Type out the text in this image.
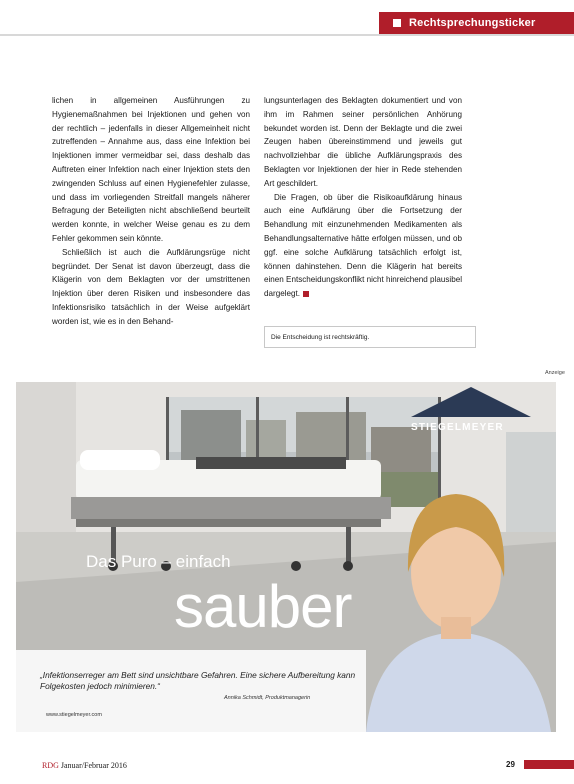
Rechtsprechungsticker

lichen in allgemeinen Ausführungen zu Hygienemaßnahmen bei Injektionen und gehen von der rechtlich – jedenfalls in dieser Allgemeinheit nicht zutreffenden – Annahme aus, dass eine Infektion bei Injektionen immer vermeidbar sei, dass deshalb das Auftreten einer Infektion nach einer Injektion stets den zwingenden Schluss auf einen Hygienefehler zulasse, und dass im vorliegenden Streitfall mangels näherer Befragung der Beteiligten nicht abschließend beurteilt werden konnte, in welcher Weise genau es zu dem Fehler gekommen sein könnte.

Schließlich ist auch die Aufklärungsrüge nicht begründet. Der Senat ist davon überzeugt, dass die Klägerin von dem Beklagten vor der umstrittenen Injektion über deren Risiken und insbesondere das Infektionsrisiko tatsächlich in der Weise aufgeklärt worden ist, wie es in den Behand-

lungsunterlagen des Beklagten dokumentiert und von ihm im Rahmen seiner persönlichen Anhörung bekundet worden ist. Denn der Beklagte und die zwei Zeugen haben übereinstimmend und jeweils gut nachvollziehbar die übliche Aufklärungspraxis des Beklagten vor Injektionen der hier in Rede stehenden Art geschildert.

Die Fragen, ob über die Risikoaufklärung hinaus auch eine Aufklärung über die Fortsetzung der Behandlung mit einzunehmenden Medikamenten als Behandlungsalternative hätte erfolgen müssen, und ob ggf. eine solche Aufklärung tatsächlich erfolgt ist, können dahinstehen. Denn die Klägerin hat bereits einen Entscheidungskonflikt nicht hinreichend plausibel dargelegt.

Die Entscheidung ist rechtskräftig.
Anzeige
STIEGELMEYER
Das Puro – einfach
sauber
„Infektionserreger am Bett sind unsichtbare Gefahren. Eine sichere Aufbereitung kann Folgekosten jedoch minimieren.“
Annika Schmidt, Produktmanagerin
www.stiegelmeyer.com
RDG Januar/Februar 2016	29
